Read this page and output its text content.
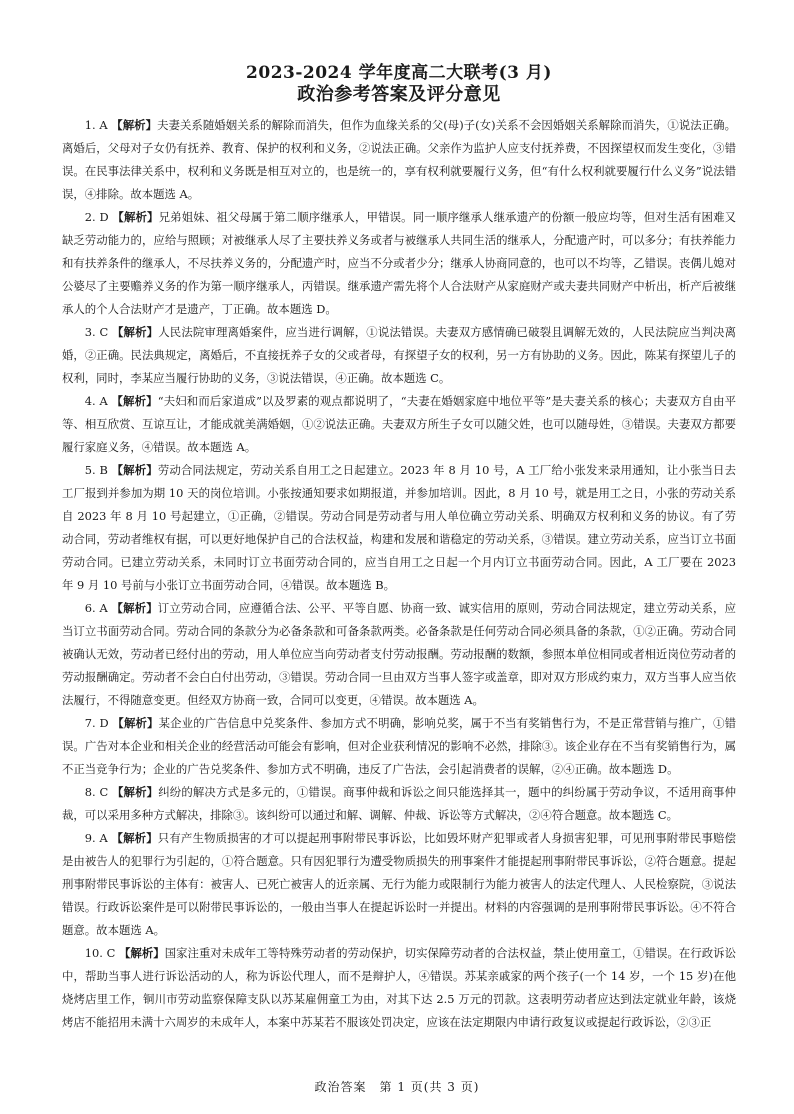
2023-2024 学年度高二大联考(3 月)
政治参考答案及评分意见

1. A 【解析】夫妻关系随婚姻关系的解除而消失，但作为血缘关系的父(母)子(女)关系不会因婚姻关系解除而消失，①说法正确。离婚后，父母对子女仍有抚养、教育、保护的权利和义务，②说法正确。父亲作为监护人应支付抚养费，不因探望权而发生变化，③错误。在民事法律关系中，权利和义务既是相互对立的，也是统一的，享有权利就要履行义务，但“有什么权利就要履行什么义务”说法错误，④排除。故本题选 A。

2. D 【解析】兄弟姐妹、祖父母属于第二顺序继承人，甲错误。同一顺序继承人继承遗产的份额一般应均等，但对生活有困难又缺乏劳动能力的，应给与照顾；对被继承人尽了主要扶养义务或者与被继承人共同生活的继承人，分配遗产时，可以多分；有扶养能力和有扶养条件的继承人，不尽扶养义务的，分配遗产时，应当不分或者少分；继承人协商同意的，也可以不均等，乙错误。丧偶儿媳对公婆尽了主要赡养义务的作为第一顺序继承人，丙错误。继承遗产需先将个人合法财产从家庭财产或夫妻共同财产中析出，析产后被继承人的个人合法财产才是遗产，丁正确。故本题选 D。

3. C 【解析】人民法院审理离婚案件，应当进行调解，①说法错误。夫妻双方感情确已破裂且调解无效的，人民法院应当判决离婚，②正确。民法典规定，离婚后，不直接抚养子女的父或者母，有探望子女的权利，另一方有协助的义务。因此，陈某有探望儿子的权利，同时，李某应当履行协助的义务，③说法错误，④正确。故本题选 C。

4. A 【解析】“夫妇和而后家道成”以及罗素的观点都说明了，“夫妻在婚姻家庭中地位平等”是夫妻关系的核心；夫妻双方自由平等、相互欣赏、互谅互让，才能成就美满婚姻，①②说法正确。夫妻双方所生子女可以随父姓，也可以随母姓，③错误。夫妻双方都要履行家庭义务，④错误。故本题选 A。

5. B 【解析】劳动合同法规定，劳动关系自用工之日起建立。2023 年 8 月 10 号，A 工厂给小张发来录用通知，让小张当日去工厂报到并参加为期 10 天的岗位培训。小张按通知要求如期报道，并参加培训。因此，8 月 10 号，就是用工之日，小张的劳动关系自 2023 年 8 月 10 号起建立，①正确，②错误。劳动合同是劳动者与用人单位确立劳动关系、明确双方权利和义务的协议。有了劳动合同，劳动者维权有据，可以更好地保护自己的合法权益，构建和发展和谐稳定的劳动关系，③错误。建立劳动关系，应当订立书面劳动合同。已建立劳动关系，未同时订立书面劳动合同的，应当自用工之日起一个月内订立书面劳动合同。因此，A 工厂要在 2023 年 9 月 10 号前与小张订立书面劳动合同，④错误。故本题选 B。

6. A 【解析】订立劳动合同，应遵循合法、公平、平等自愿、协商一致、诚实信用的原则，劳动合同法规定，建立劳动关系，应当订立书面劳动合同。劳动合同的条款分为必备条款和可备条款两类。必备条款是任何劳动合同必须具备的条款，①②正确。劳动合同被确认无效，劳动者已经付出的劳动，用人单位应当向劳动者支付劳动报酬。劳动报酬的数额，参照本单位相同或者相近岗位劳动者的劳动报酬确定。劳动者不会白白付出劳动，③错误。劳动合同一旦由双方当事人签字或盖章，即对双方形成约束力，双方当事人应当依法履行，不得随意变更。但经双方协商一致，合同可以变更，④错误。故本题选 A。

7. D 【解析】某企业的广告信息中兑奖条件、参加方式不明确，影响兑奖，属于不当有奖销售行为，不是正常营销与推广，①错误。广告对本企业和相关企业的经营活动可能会有影响，但对企业获利情况的影响不必然，排除③。该企业存在不当有奖销售行为，属不正当竞争行为；企业的广告兑奖条件、参加方式不明确，违反了广告法，会引起消费者的误解，②④正确。故本题选 D。

8. C 【解析】纠纷的解决方式是多元的，①错误。商事仲裁和诉讼之间只能选择其一，题中的纠纷属于劳动争议，不适用商事仲裁，可以采用多种方式解决，排除③。该纠纷可以通过和解、调解、仲裁、诉讼等方式解决，②④符合题意。故本题选 C。

9. A 【解析】只有产生物质损害的才可以提起刑事附带民事诉讼，比如毁坏财产犯罪或者人身损害犯罪，可见刑事附带民事赔偿是由被告人的犯罪行为引起的，①符合题意。只有因犯罪行为遭受物质损失的刑事案件才能提起刑事附带民事诉讼，②符合题意。提起刑事附带民事诉讼的主体有：被害人、已死亡被害人的近亲属、无行为能力或限制行为能力被害人的法定代理人、人民检察院，③说法错误。行政诉讼案件是可以附带民事诉讼的，一般由当事人在提起诉讼时一并提出。材料的内容强调的是刑事附带民事诉讼。④不符合题意。故本题选 A。

10. C 【解析】国家注重对未成年工等特殊劳动者的劳动保护，切实保障劳动者的合法权益，禁止使用童工，①错误。在行政诉讼中，帮助当事人进行诉讼活动的人，称为诉讼代理人，而不是辩护人，④错误。苏某亲戚家的两个孩子(一个 14 岁，一个 15 岁)在他烧烤店里工作，铜川市劳动监察保障支队以苏某雇佣童工为由，对其下达 2.5 万元的罚款。这表明劳动者应达到法定就业年龄，该烧烤店不能招用未满十六周岁的未成年人，本案中苏某若不服该处罚决定，应该在法定期限内申请行政复议或提起行政诉讼，②③正

政治答案　第 1 页(共 3 页)
